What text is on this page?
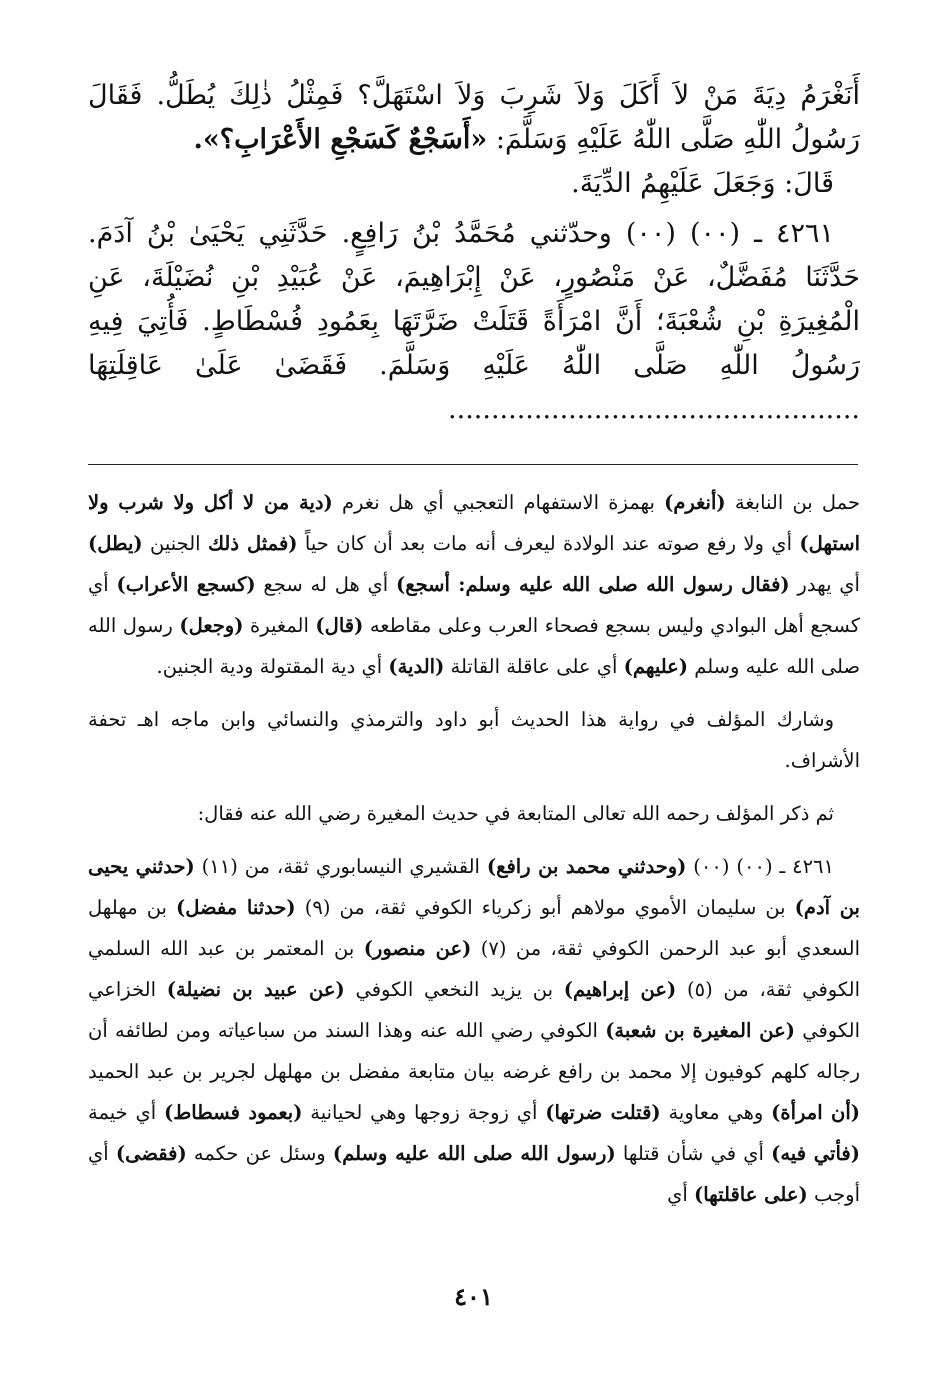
أَنَغْرَمُ دِيَةَ مَنْ لاَ أَكَلَ وَلاَ شَرِبَ وَلاَ اسْتَهَلَّ؟ فَمِثْلُ ذٰلِكَ يُطَلُّ. فَقَالَ رَسُولُ اللّٰهِ صَلَّى اللّٰهُ عَلَيْهِ وَسَلَّمَ: «أَسَجْعٌ كَسَجْعِ الأَعْرَابِ؟».

قَالَ: وَجَعَلَ عَلَيْهِمُ الدِّيَةَ.

٤٢٦١ ـ (٠٠) (٠٠) وحدّثني مُحَمَّدُ بْنُ رَافِعٍ. حَدَّثَنِي يَحْيَىٰ بْنُ آدَمَ. حَدَّثَنَا مُفَضَّلٌ، عَنْ مَنْصُورٍ، عَنْ إِبْرَاهِيمَ، عَنْ عُبَيْدِ بْنِ نُضَيْلَةَ، عَنِ الْمُغِيرَةِ بْنِ شُعْبَةَ؛ أَنَّ امْرَأَةً قَتَلَتْ ضَرَّتَهَا بِعَمُودِ فُسْطَاطٍ. فَأُتِيَ فِيهِ رَسُولُ اللّٰهِ صَلَّى اللّٰهُ عَلَيْهِ وَسَلَّمَ. فَقَضَىٰ عَلَىٰ عَاقِلَتِهَا ................................................

حمل بن النابغة (أنغرم) بهمزة الاستفهام التعجبي أي هل نغرم (دية من لا أكل ولا شرب ولا استهل) أي ولا رفع صوته عند الولادة ليعرف أنه مات بعد أن كان حياً (فمثل ذلك الجنين (يطل) أي يهدر (فقال رسول الله صلى الله عليه وسلم: أسجع) أي هل له سجع (كسجع الأعراب) أي كسجع أهل البوادي وليس بسجع فصحاء العرب وعلى مقاطعه (قال) المغيرة (وجعل) رسول الله صلى الله عليه وسلم (عليهم) أي على عاقلة القاتلة (الدية) أي دية المقتولة ودية الجنين.

وشارك المؤلف في رواية هذا الحديث أبو داود والترمذي والنسائي وابن ماجه اهـ تحفة الأشراف.

ثم ذكر المؤلف رحمه الله تعالى المتابعة في حديث المغيرة رضي الله عنه فقال:

٤٢٦١ ـ (٠٠) (٠٠) (وحدثني محمد بن رافع) القشيري النيسابوري ثقة، من (١١) (حدثني يحيى بن آدم) بن سليمان الأموي مولاهم أبو زكرياء الكوفي ثقة، من (٩) (حدثنا مفضل) بن مهلهل السعدي أبو عبد الرحمن الكوفي ثقة، من (٧) (عن منصور) بن المعتمر بن عبد الله السلمي الكوفي ثقة، من (٥) (عن إبراهيم) بن يزيد النخعي الكوفي (عن عبيد بن نضيلة) الخزاعي الكوفي (عن المغيرة بن شعبة) الكوفي رضي الله عنه وهذا السند من سباعياته ومن لطائفه أن رجاله كلهم كوفيون إلا محمد بن رافع غرضه بيان متابعة مفضل بن مهلهل لجرير بن عبد الحميد (أن امرأة) وهي معاوية (قتلت ضرتها) أي زوجة زوجها وهي لحيانية (بعمود فسطاط) أي خيمة (فأتي فيه) أي في شأن قتلها (رسول الله صلى الله عليه وسلم) وسئل عن حكمه (فقضى) أي أوجب (على عاقلتها) أي

٤٠١
